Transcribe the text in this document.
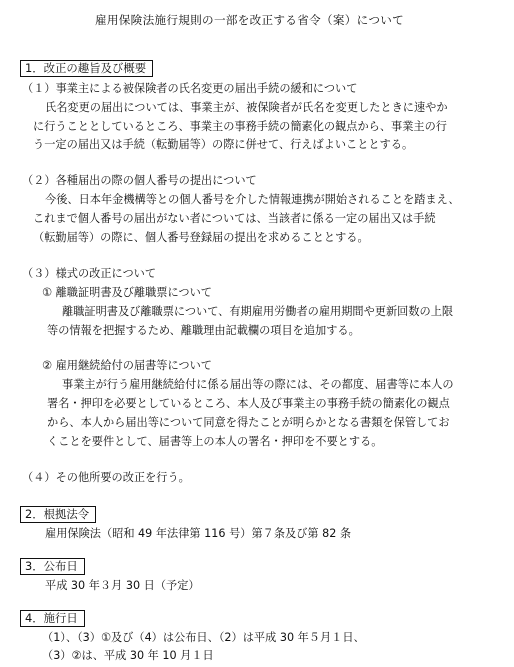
雇用保険法施行規則の一部を改正する省令（案）について
1．改正の趣旨及び概要
（１）事業主による被保険者の氏名変更の届出手続の緩和について
氏名変更の届出については、事業主が、被保険者が氏名を変更したときに速やか
に行うこととしているところ、事業主の事務手続の簡素化の観点から、事業主の行
う一定の届出又は手続（転勤届等）の際に併せて、行えばよいこととする。
（２）各種届出の際の個人番号の提出について
今後、日本年金機構等との個人番号を介した情報連携が開始されることを踏まえ、
これまで個人番号の届出がない者については、当該者に係る一定の届出又は手続
（転勤届等）の際に、個人番号登録届の提出を求めることとする。
（３）様式の改正について
① 離職証明書及び離職票について
離職証明書及び離職票について、有期雇用労働者の雇用期間や更新回数の上限
等の情報を把握するため、離職理由記載欄の項目を追加する。
② 雇用継続給付の届書等について
事業主が行う雇用継続給付に係る届出等の際には、その都度、届書等に本人の
署名・押印を必要としているところ、本人及び事業主の事務手続の簡素化の観点
から、本人から届出等について同意を得たことが明らかとなる書類を保管してお
くことを要件として、届書等上の本人の署名・押印を不要とする。
（４）その他所要の改正を行う。
2．根拠法令
雇用保険法（昭和 49 年法律第 116 号）第７条及び第 82 条
3．公布日
平成 30 年３月 30 日（予定）
4．施行日
（1）、（3）①及び（4）は公布日、（2）は平成 30 年５月１日、
（3）②は、平成 30 年 10 月１日
